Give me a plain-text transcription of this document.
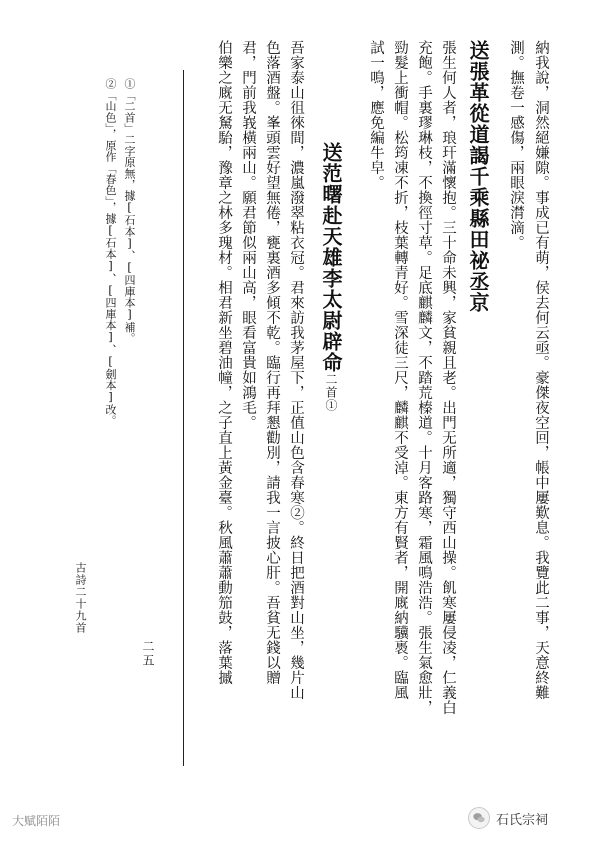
納我說，洞然絕嫌隙。事成已有萌，侯去何云亟。豪傑夜空回，帳中屢歎息。我覽此二事，天意終難
測。撫卷一感傷，兩眼淚潸滴。
送張革從道謁千乘縣田祕丞京
張生何人者，琅玕滿懷抱。三十命未興，家貧親且老。出門无所適，獨守西山操。飢寒屢侵凌，仁義白
充飽。手裏璆琳枝，不換徑寸草。足底麒麟文，不踏荒榛道。十月客路寒，霜風鳴浩浩。張生氣愈壯，
勁髮上衝帽。松筠凍不折，枝葉轉青好。雪深徒三尺，麟麒不受淖。東方有賢者，開廐納驥褭。臨風
試一鳴，應免編牛皁。
送范曙赴天雄李太尉辟命二首①
吾家泰山徂徠間，濃嵐潑翠粘衣冠。君來訪我茅屋下，正值山色含春寒②。終日把酒對山坐，幾片山
色落酒盤。峯頭雲好望無倦，甕裏酒多傾不乾。臨行再拜懇勸別，請我一言披心肝。吾貧无錢以贈
君，門前我峩橫兩山。願君節似兩山高，眼看富貴如鴻毛。
伯樂之廐无駑駘，豫章之林多瑰材。相君新坐碧油幢，之子直上黃金臺。秋風蕭蕭動笳鼓，落葉摵
二五
①「二首」二字原無，據[石本]、[四庫本]補。
②「山色」，原作「春色」，據[石本]、[四庫本]、[劍本]改。
古詩二十九首
大赋陌陌	石氏宗祠
